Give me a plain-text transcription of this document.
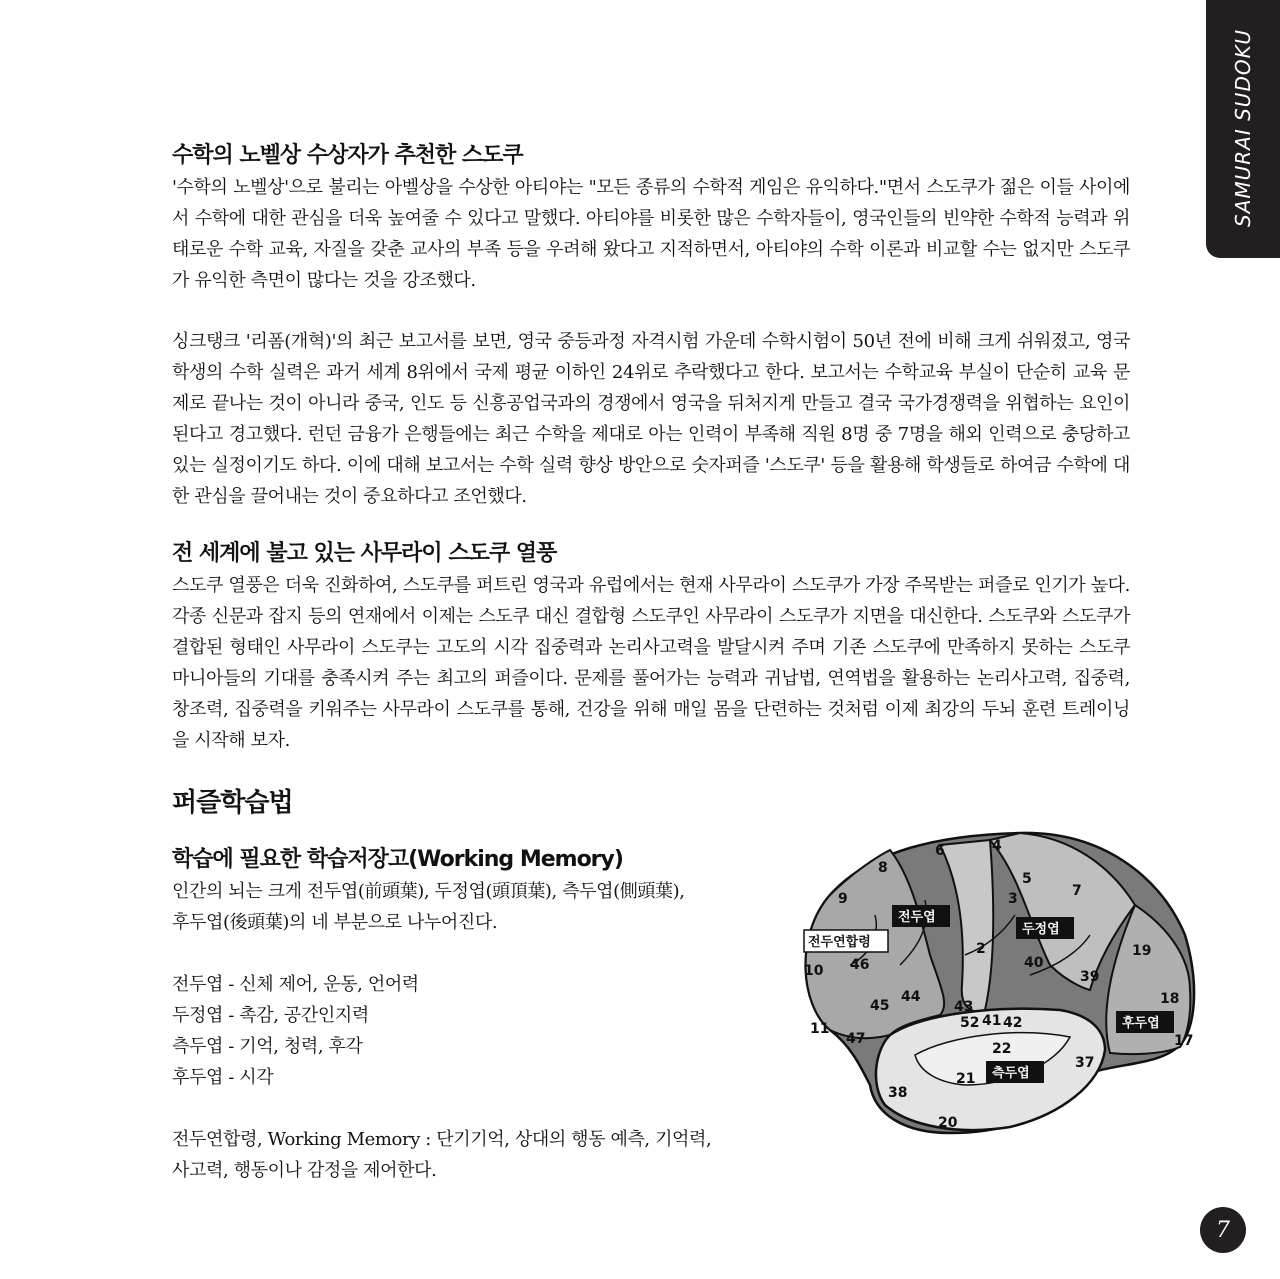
SAMURAI SUDOKU
수학의 노벨상 수상자가 추천한 스도쿠

'수학의 노벨상'으로 불리는 아벨상을 수상한 아티야는 "모든 종류의 수학적 게임은 유익하다."면서 스도쿠가 젊은 이들 사이에서 수학에 대한 관심을 더욱 높여줄 수 있다고 말했다. 아티야를 비롯한 많은 수학자들이, 영국인들의 빈약한 수학적 능력과 위태로운 수학 교육, 자질을 갖춘 교사의 부족 등을 우려해 왔다고 지적하면서, 아티야의 수학 이론과 비교할 수는 없지만 스도쿠가 유익한 측면이 많다는 것을 강조했다.

싱크탱크 '리폼(개혁)'의 최근 보고서를 보면, 영국 중등과정 자격시험 가운데 수학시험이 50년 전에 비해 크게 쉬워졌고, 영국 학생의 수학 실력은 과거 세계 8위에서 국제 평균 이하인 24위로 추락했다고 한다. 보고서는 수학교육 부실이 단순히 교육 문제로 끝나는 것이 아니라 중국, 인도 등 신흥공업국과의 경쟁에서 영국을 뒤처지게 만들고 결국 국가경쟁력을 위협하는 요인이 된다고 경고했다. 런던 금융가 은행들에는 최근 수학을 제대로 아는 인력이 부족해 직원 8명 중 7명을 해외 인력으로 충당하고 있는 실정이기도 하다. 이에 대해 보고서는 수학 실력 향상 방안으로 숫자퍼즐 '스도쿠' 등을 활용해 학생들로 하여금 수학에 대한 관심을 끌어내는 것이 중요하다고 조언했다.

전 세계에 불고 있는 사무라이 스도쿠 열풍

스도쿠 열풍은 더욱 진화하여, 스도쿠를 퍼트린 영국과 유럽에서는 현재 사무라이 스도쿠가 가장 주목받는 퍼즐로 인기가 높다. 각종 신문과 잡지 등의 연재에서 이제는 스도쿠 대신 결합형 스도쿠인 사무라이 스도쿠가 지면을 대신한다. 스도쿠와 스도쿠가 결합된 형태인 사무라이 스도쿠는 고도의 시각 집중력과 논리사고력을 발달시켜 주며 기존 스도쿠에 만족하지 못하는 스도쿠 마니아들의 기대를 충족시켜 주는 최고의 퍼즐이다. 문제를 풀어가는 능력과 귀납법, 연역법을 활용하는 논리사고력, 집중력, 창조력, 집중력을 키워주는 사무라이 스도쿠를 통해, 건강을 위해 매일 몸을 단련하는 것처럼 이제 최강의 두뇌 훈련 트레이닝을 시작해 보자.

퍼즐학습법
학습에 필요한 학습저장고(Working Memory)

인간의 뇌는 크게 전두엽(前頭葉), 두정엽(頭頂葉), 측두엽(側頭葉),

후두엽(後頭葉)의 네 부분으로 나누어진다.

전두엽 - 신체 제어, 운동, 언어력

두정엽 - 촉감, 공간인지력

측두엽 - 기억, 청력, 후각

후두엽 - 시각

전두연합령, Working Memory : 단기기억, 상대의 행동 예측, 기억력,

사고력, 행동이나 감정을 제어한다.

2
3
4
5
6
7
8
9
10
11
17
18
19
20
21
22
37
38
39
40
41 42
43
44
45
46
47
52
전두엽
전두연합령
두정엽
후두엽
측두엽
7
